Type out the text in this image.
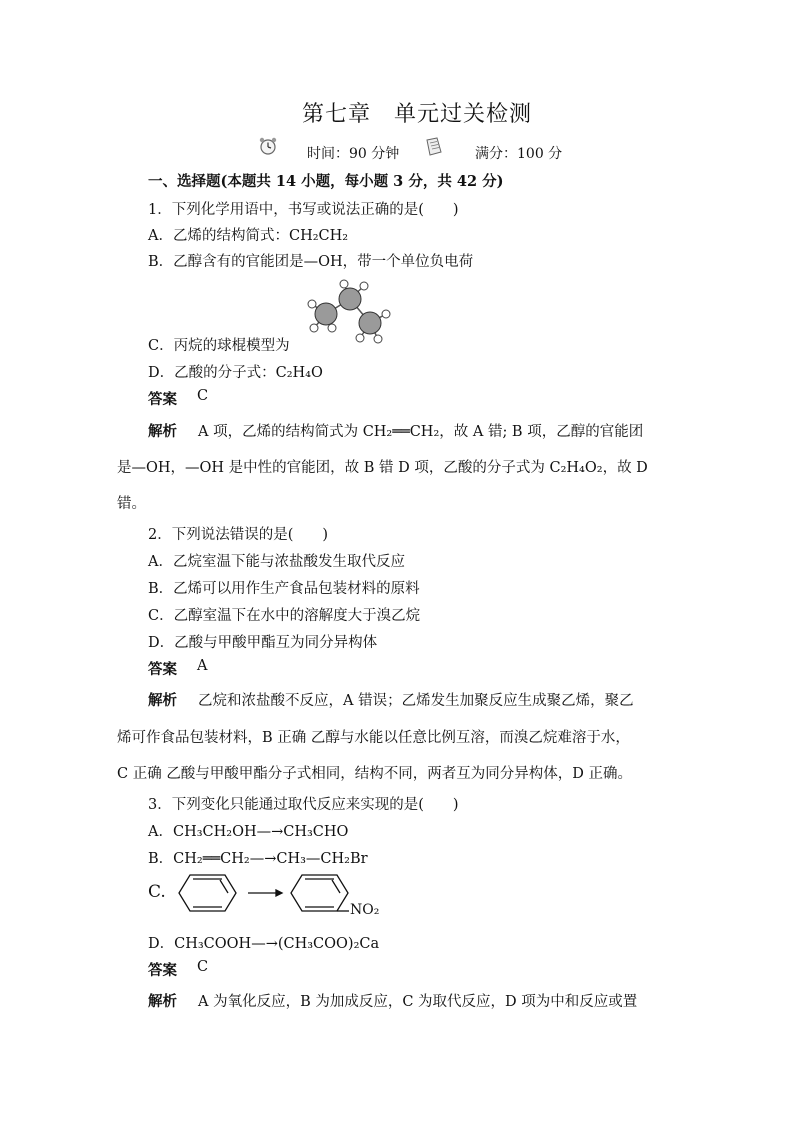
第七章　单元过关检测
时间：90 分钟	满分：100 分
一、选择题(本题共 14 小题，每小题 3 分，共 42 分)
1．下列化学用语中，书写或说法正确的是(　　)
A．乙烯的结构简式：CH₂CH₂
B．乙醇含有的官能团是—OH，带一个单位负电荷
C．丙烷的球棍模型为
D．乙酸的分子式：C₂H₄O
答案 C
解析 A 项，乙烯的结构简式为 CH₂══CH₂，故 A 错; B 项，乙醇的官能团
是—OH，—OH 是中性的官能团，故 B 错 D 项，乙酸的分子式为 C₂H₄O₂，故 D
错。
2．下列说法错误的是(　　)
A．乙烷室温下能与浓盐酸发生取代反应
B．乙烯可以用作生产食品包装材料的原料
C．乙醇室温下在水中的溶解度大于溴乙烷
D．乙酸与甲酸甲酯互为同分异构体
答案 A
解析 乙烷和浓盐酸不反应，A 错误；乙烯发生加聚反应生成聚乙烯，聚乙
烯可作食品包装材料，B 正确 乙醇与水能以任意比例互溶，而溴乙烷难溶于水，
C 正确 乙酸与甲酸甲酯分子式相同，结构不同，两者互为同分异构体，D 正确。
3．下列变化只能通过取代反应来实现的是(　　)
A．CH₃CH₂OH—→CH₃CHO
B．CH₂══CH₂—→CH₃—CH₂Br
C.
NO₂
D．CH₃COOH—→(CH₃COO)₂Ca
答案 C
解析 A 为氧化反应，B 为加成反应，C 为取代反应，D 项为中和反应或置
